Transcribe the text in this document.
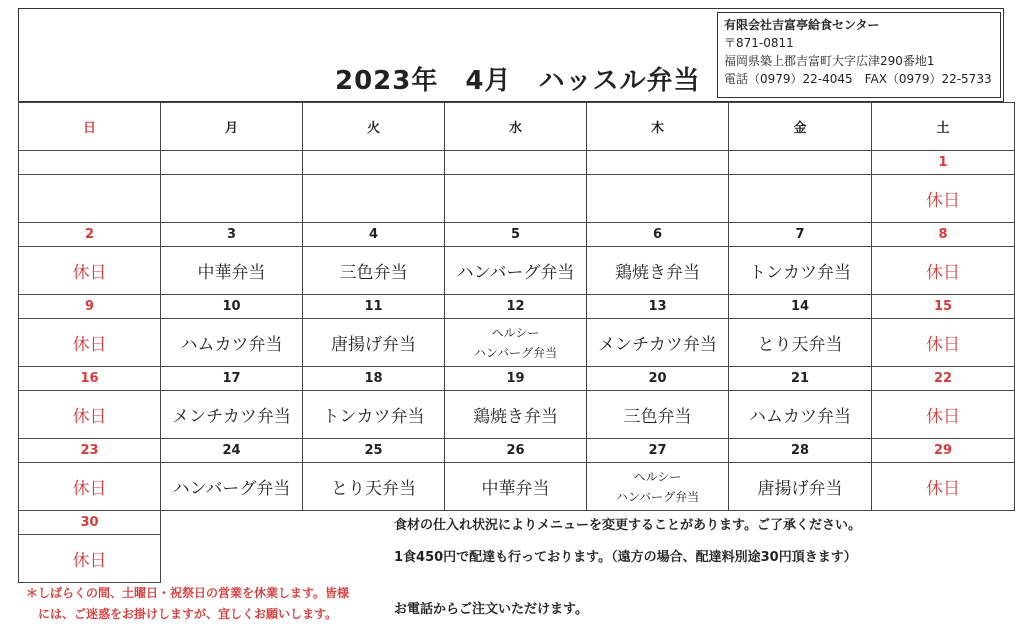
2023年　4月　ハッスル弁当
有限会社吉富亭給食センター
〒871-0811
福岡県築上郡吉富町大字広津290番地1
電話（0979）22-4045　FAX（0979）22-5733
日	月	火	水	木	金	土
						1
						休日
2	3	4	5	6	7	8
休日	中華弁当	三色弁当	ハンバーグ弁当	鶏焼き弁当	トンカツ弁当	休日
9	10	11	12	13	14	15
休日	ハムカツ弁当	唐揚げ弁当	ヘルシー
ハンバーグ弁当	メンチカツ弁当	とり天弁当	休日
16	17	18	19	20	21	22
休日	メンチカツ弁当	トンカツ弁当	鶏焼き弁当	三色弁当	ハムカツ弁当	休日
23	24	25	26	27	28	29
休日	ハンバーグ弁当	とり天弁当	中華弁当	ヘルシー
ハンバーグ弁当	唐揚げ弁当	休日
30						
休日						
食材の仕入れ状況によりメニューを変更することがあります。ご了承ください。
1食450円で配達も行っております。（遠方の場合、配達料別途30円頂きます）
お電話からご注文いただけます。
＊しばらくの間、土曜日・祝祭日の営業を休業します。皆様
には、ご迷惑をお掛けしますが、宜しくお願いします。
